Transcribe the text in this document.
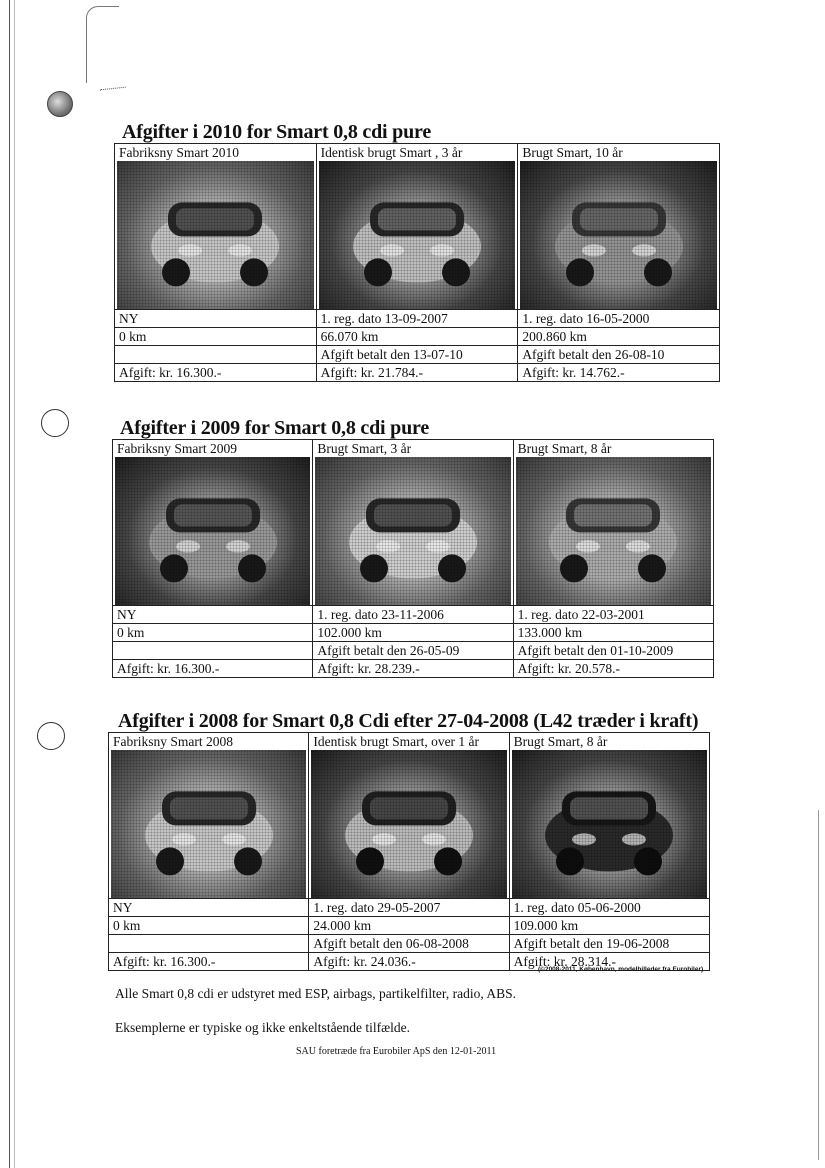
Afgifter i 2010 for Smart 0,8 cdi pure
Fabriksny Smart 2010	Identisk brugt Smart , 3 år	Brugt Smart, 10 år

NY	1. reg. dato 13-09-2007	1. reg. dato 16-05-2000
0 km	66.070 km	200.860 km
	Afgift betalt den 13-07-10	Afgift betalt den 26-08-10
Afgift: kr. 16.300.-	Afgift: kr. 21.784.-	Afgift: kr. 14.762.-
Afgifter i 2009 for Smart 0,8 cdi pure
Fabriksny Smart 2009	Brugt Smart, 3 år	Brugt Smart, 8 år

NY	1. reg. dato 23-11-2006	1. reg. dato 22-03-2001
0 km	102.000 km	133.000 km
	Afgift betalt den 26-05-09	Afgift betalt den 01-10-2009
Afgift: kr. 16.300.-	Afgift: kr. 28.239.-	Afgift: kr. 20.578.-
Afgifter i 2008 for Smart 0,8 Cdi efter 27-04-2008 (L42 træder i kraft)
Fabriksny Smart 2008	Identisk brugt Smart, over 1 år	Brugt Smart, 8 år

NY	1. reg. dato 29-05-2007	1. reg. dato 05-06-2000
0 km	24.000 km	109.000 km
	Afgift betalt den 06-08-2008	Afgift betalt den 19-06-2008
Afgift: kr. 16.300.-	Afgift: kr. 24.036.-	Afgift: kr. 28.314.-
(©2008-2011, København, modelbilleder fra Eurobiler)
Alle Smart 0,8 cdi er udstyret med ESP, airbags, partikelfilter, radio, ABS.
Eksemplerne er typiske og ikke enkeltstående tilfælde.
SAU foretræde fra Eurobiler ApS den 12-01-2011
